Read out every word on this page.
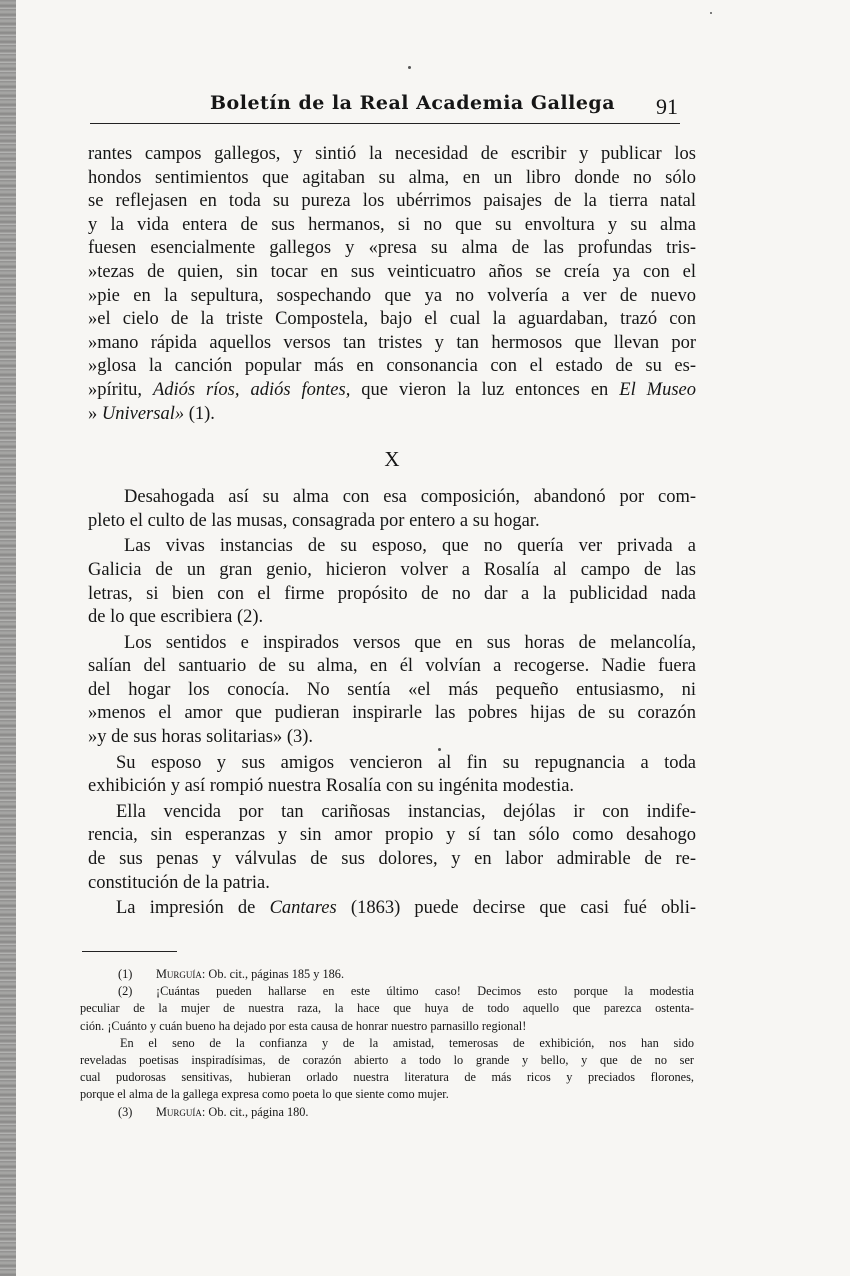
Boletín de la Real Academia Gallega 91
rantes campos gallegos, y sintió la necesidad de escribir y publicar los
hondos sentimientos que agitaban su alma, en un libro donde no sólo
se reflejasen en toda su pureza los ubérrimos paisajes de la tierra natal
y la vida entera de sus hermanos, si no que su envoltura y su alma
fuesen esencialmente gallegos y «presa su alma de las profundas tris-
»tezas de quien, sin tocar en sus veinticuatro años se creía ya con el
»pie en la sepultura, sospechando que ya no volvería a ver de nuevo
»el cielo de la triste Compostela, bajo el cual la aguardaban, trazó con
»mano rápida aquellos versos tan tristes y tan hermosos que llevan por
»glosa la canción popular más en consonancia con el estado de su es-
»píritu, Adiós ríos, adiós fontes, que vieron la luz entonces en El Museo
» Universal» (1).
X
Desahogada así su alma con esa composición, abandonó por com-
pleto el culto de las musas, consagrada por entero a su hogar.
Las vivas instancias de su esposo, que no quería ver privada a
Galicia de un gran genio, hicieron volver a Rosalía al campo de las
letras, si bien con el firme propósito de no dar a la publicidad nada
de lo que escribiera (2).
Los sentidos e inspirados versos que en sus horas de melancolía,
salían del santuario de su alma, en él volvían a recogerse. Nadie fuera
del hogar los conocía. No sentía «el más pequeño entusiasmo, ni
»menos el amor que pudieran inspirarle las pobres hijas de su corazón
»y de sus horas solitarias» (3).
Su esposo y sus amigos vencieron al fin su repugnancia a toda
exhibición y así rompió nuestra Rosalía con su ingénita modestia.
Ella vencida por tan cariñosas instancias, dejólas ir con indife-
rencia, sin esperanzas y sin amor propio y sí tan sólo como desahogo
de sus penas y válvulas de sus dolores, y en labor admirable de re-
constitución de la patria.
La impresión de Cantares (1863) puede decirse que casi fué obli-
(1) Murguía: Ob. cit., páginas 185 y 186.
(2) ¡Cuántas pueden hallarse en este último caso! Decimos esto porque la modestia
peculiar de la mujer de nuestra raza, la hace que huya de todo aquello que parezca ostenta-
ción. ¡Cuánto y cuán bueno ha dejado por esta causa de honrar nuestro parnasillo regional!
En el seno de la confianza y de la amistad, temerosas de exhibición, nos han sido
reveladas poetisas inspiradísimas, de corazón abierto a todo lo grande y bello, y que de no ser
cual pudorosas sensitivas, hubieran orlado nuestra literatura de más ricos y preciados florones,
porque el alma de la gallega expresa como poeta lo que siente como mujer.
(3) Murguía: Ob. cit., página 180.
